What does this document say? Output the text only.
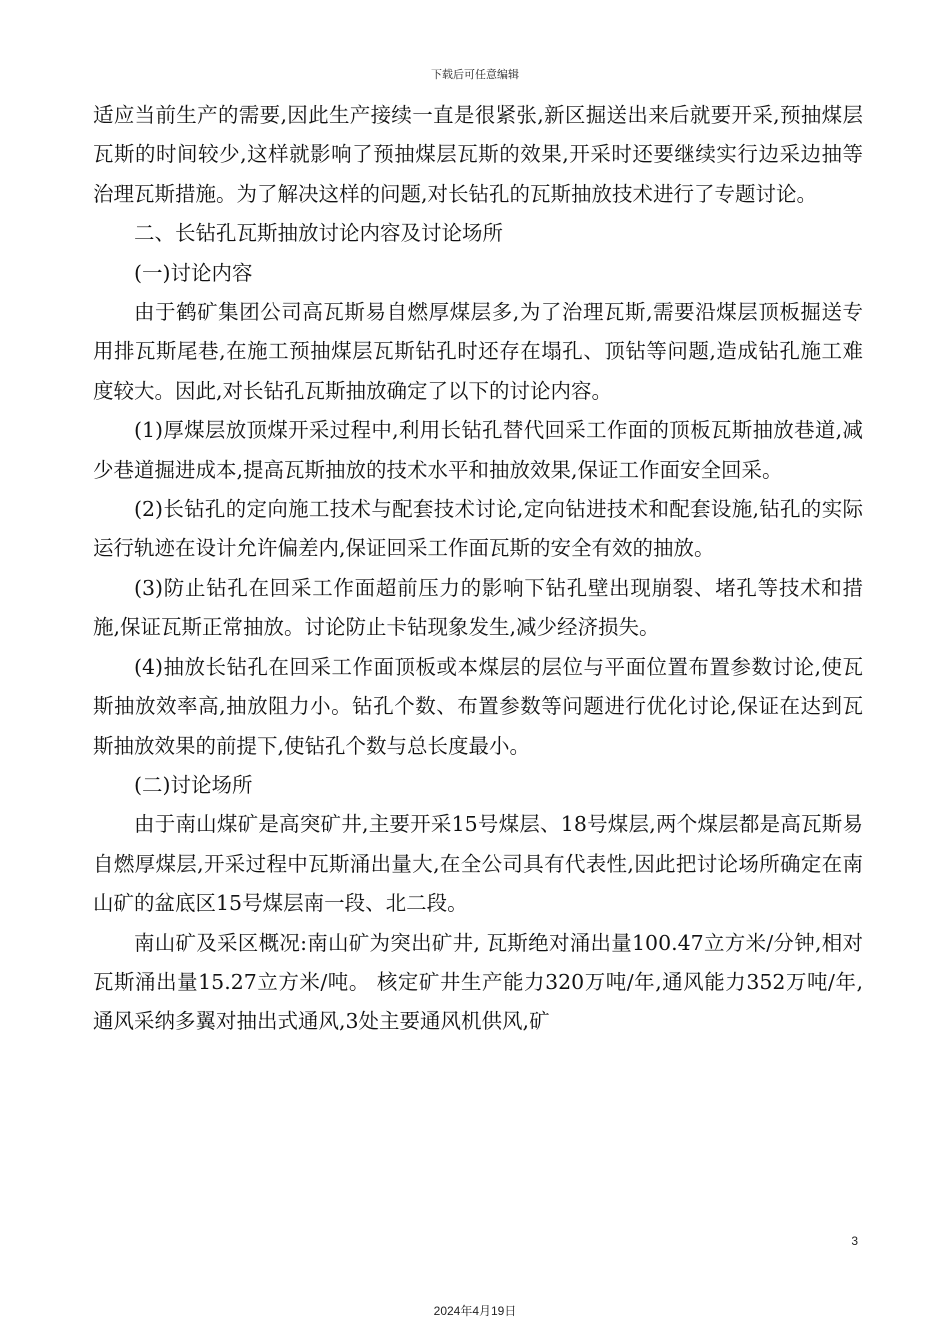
下载后可任意编辑

适应当前生产的需要,因此生产接续一直是很紧张,新区掘送出来后就要开采,预抽煤层瓦斯的时间较少,这样就影响了预抽煤层瓦斯的效果,开采时还要继续实行边采边抽等治理瓦斯措施。为了解决这样的问题,对长钻孔的瓦斯抽放技术进行了专题讨论。

二、长钻孔瓦斯抽放讨论内容及讨论场所

(一)讨论内容

由于鹤矿集团公司高瓦斯易自燃厚煤层多,为了治理瓦斯,需要沿煤层顶板掘送专用排瓦斯尾巷,在施工预抽煤层瓦斯钻孔时还存在塌孔、顶钻等问题,造成钻孔施工难度较大。因此,对长钻孔瓦斯抽放确定了以下的讨论内容。

(1)厚煤层放顶煤开采过程中,利用长钻孔替代回采工作面的顶板瓦斯抽放巷道,减少巷道掘进成本,提高瓦斯抽放的技术水平和抽放效果,保证工作面安全回采。

(2)长钻孔的定向施工技术与配套技术讨论,定向钻进技术和配套设施,钻孔的实际运行轨迹在设计允许偏差内,保证回采工作面瓦斯的安全有效的抽放。

(3)防止钻孔在回采工作面超前压力的影响下钻孔壁出现崩裂、堵孔等技术和措施,保证瓦斯正常抽放。讨论防止卡钻现象发生,减少经济损失。

(4)抽放长钻孔在回采工作面顶板或本煤层的层位与平面位置布置参数讨论,使瓦斯抽放效率高,抽放阻力小。钻孔个数、布置参数等问题进行优化讨论,保证在达到瓦斯抽放效果的前提下,使钻孔个数与总长度最小。

(二)讨论场所

由于南山煤矿是高突矿井,主要开采15号煤层、18号煤层,两个煤层都是高瓦斯易自燃厚煤层,开采过程中瓦斯涌出量大,在全公司具有代表性,因此把讨论场所确定在南山矿的盆底区15号煤层南一段、北二段。

南山矿及采区概况:南山矿为突出矿井, 瓦斯绝对涌出量100.47立方米/分钟,相对瓦斯涌出量15.27立方米/吨。 核定矿井生产能力320万吨/年,通风能力352万吨/年,通风采纳多翼对抽出式通风,3处主要通风机供风,矿

3
2024年4月19日
